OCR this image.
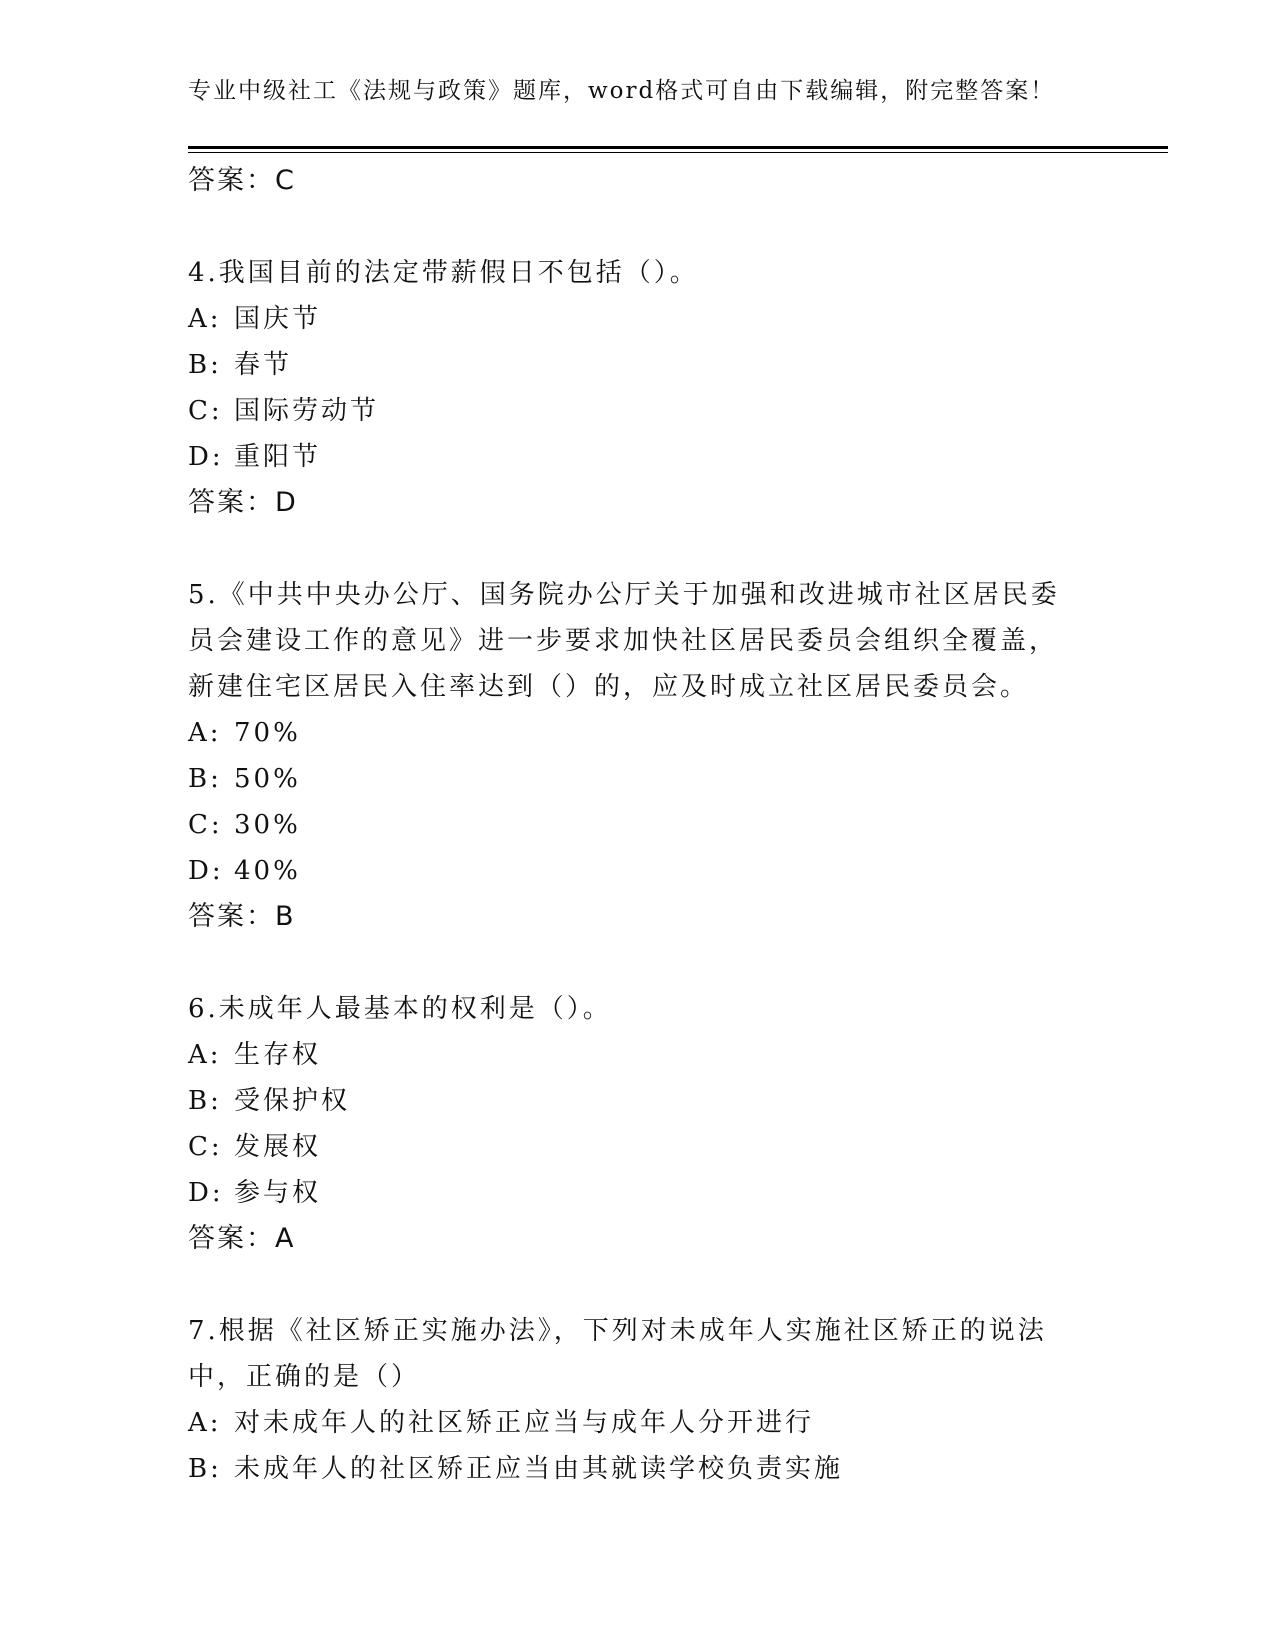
专业中级社工《法规与政策》题库，word格式可自由下载编辑，附完整答案！
答案：C
4.我国目前的法定带薪假日不包括（）。
A: 国庆节
B: 春节
C: 国际劳动节
D: 重阳节
答案：D
5.《中共中央办公厅、国务院办公厅关于加强和改进城市社区居民委
员会建设工作的意见》进一步要求加快社区居民委员会组织全覆盖，
新建住宅区居民入住率达到（）的，应及时成立社区居民委员会。
A: 70%
B: 50%
C: 30%
D: 40%
答案：B
6.未成年人最基本的权利是（）。
A: 生存权
B: 受保护权
C: 发展权
D: 参与权
答案：A
7.根据《社区矫正实施办法》，下列对未成年人实施社区矫正的说法
中，正确的是（）
A: 对未成年人的社区矫正应当与成年人分开进行
B: 未成年人的社区矫正应当由其就读学校负责实施
